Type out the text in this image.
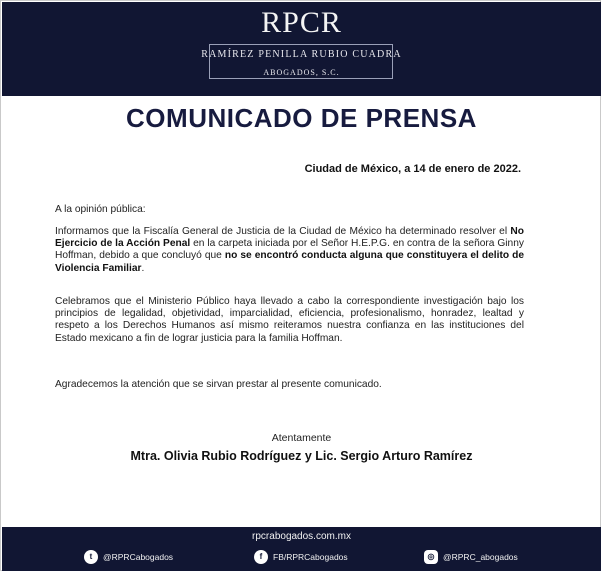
RPCR
RAMÍREZ PENILLA RUBIO CUADRA
ABOGADOS, S.C.
COMUNICADO DE PRENSA
Ciudad de México, a 14 de enero de 2022.
A la opinión pública:
Informamos que la Fiscalía General de Justicia de la Ciudad de México ha determinado resolver el No Ejercicio de la Acción Penal en la carpeta iniciada por el Señor H.E.P.G. en contra de la señora Ginny Hoffman, debido a que concluyó que no se encontró conducta alguna que constituyera el delito de Violencia Familiar.
Celebramos que el Ministerio Público haya llevado a cabo la correspondiente investigación bajo los principios de legalidad, objetividad, imparcialidad, eficiencia, profesionalismo, honradez, lealtad y respeto a los Derechos Humanos así mismo reiteramos nuestra confianza en las instituciones del Estado mexicano a fin de lograr justicia para la familia Hoffman.
Agradecemos la atención que se sirvan prestar al presente comunicado.
Atentamente
Mtra. Olivia Rubio Rodríguez y Lic. Sergio Arturo Ramírez
rpcrabogados.com.mx
t	@RPRCabogados	f	FB/RPRCabogados	◎	@RPRC_abogados
